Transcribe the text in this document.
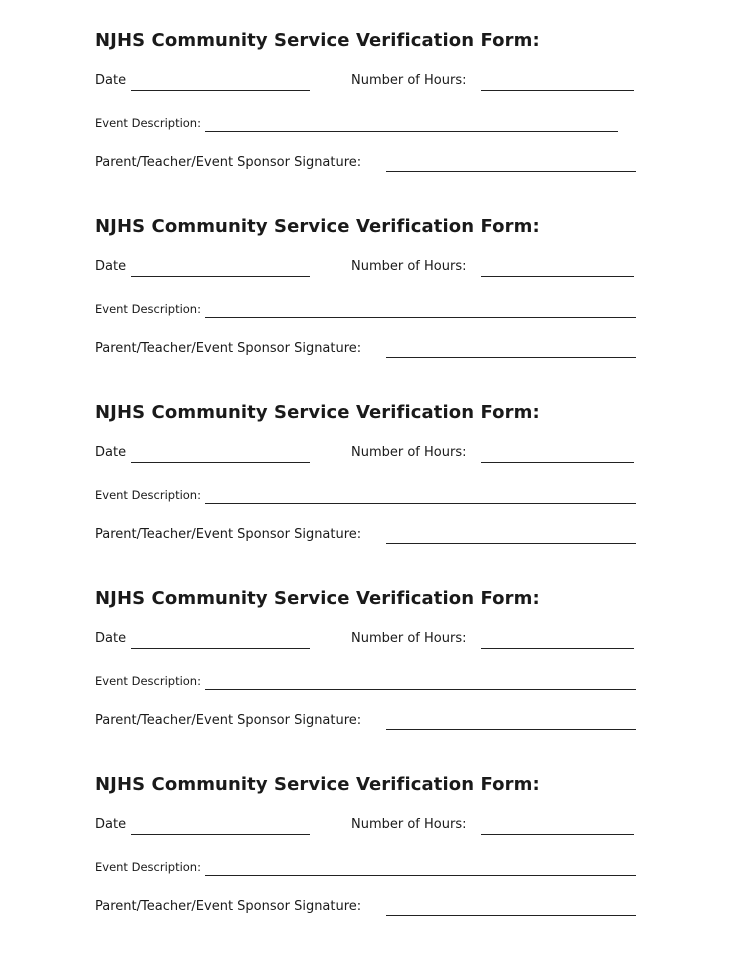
NJHS Community Service Verification Form:
Date	Number of Hours:
Event Description:
Parent/Teacher/Event Sponsor Signature:
NJHS Community Service Verification Form:
Date	Number of Hours:
Event Description:
Parent/Teacher/Event Sponsor Signature:
NJHS Community Service Verification Form:
Date	Number of Hours:
Event Description:
Parent/Teacher/Event Sponsor Signature:
NJHS Community Service Verification Form:
Date	Number of Hours:
Event Description:
Parent/Teacher/Event Sponsor Signature:
NJHS Community Service Verification Form:
Date	Number of Hours:
Event Description:
Parent/Teacher/Event Sponsor Signature:
